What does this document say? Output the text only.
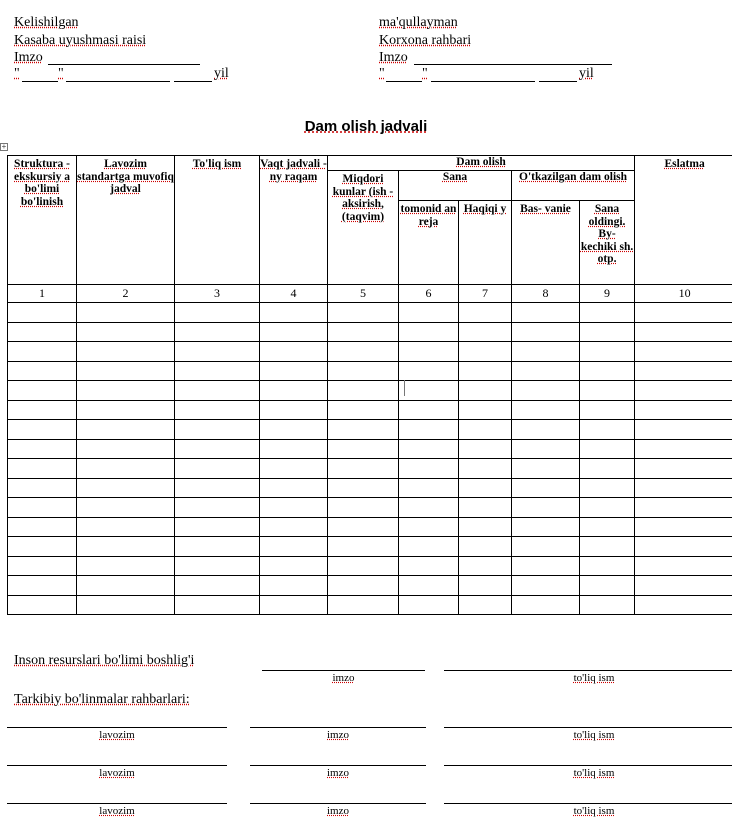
Kelishilgan
Kasaba uyushmasi raisi
Imzo
"	"	yil
ma'qullayman
Korxona rahbari
Imzo
"	"	yil
Dam olish jadvali
+
Struktura - ekskursiy a bo'limi bo'linish	Lavozim standartga muvofiq jadval	To'liq ism	Vaqt jadvali - ny raqam	Dam olish					Eslatma
				Miqdori kunlar (ish - aksirish, (taqvim)	Sana		O'tkazilgan dam olish		
					tomonid an reja	Haqiqi y	Bas- vanie	Sana oldingi. By- kechiki sh. otp.	
1	2	3	4	5	6	7	8	9	10

Inson resurslari bo'limi boshlig'i
imzo	to'liq ism
Tarkibiy bo'linmalar rahbarlari:
lavozim	imzo	to'liq ism
lavozim	imzo	to'liq ism
lavozim	imzo	to'liq ism
